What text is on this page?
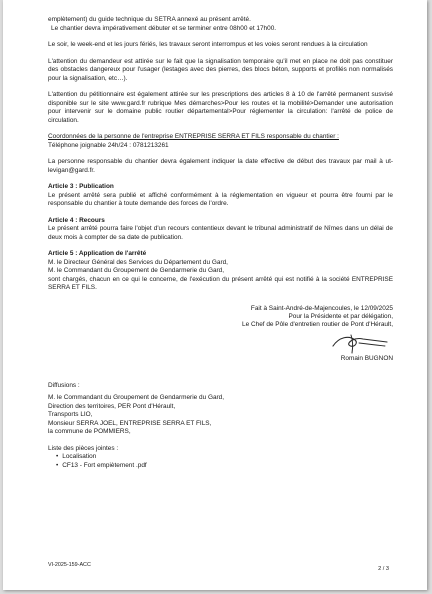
emplètement) du guide technique du SETRA annexé au présent arrêté.

Le chantier devra impérativement débuter et se terminer entre 08h00 et 17h00.

Le soir, le week-end et les jours fériés, les travaux seront interrompus et les voies seront rendues à la circulation

L'attention du demandeur est attirée sur le fait que la signalisation temporaire qu'il met en place ne doit pas constituer des obstacles dangereux pour l'usager (lestages avec des pierres, des blocs béton, supports et profilés non normalisés pour la signalisation, etc…).

L'attention du pétitionnaire est également attirée sur les prescriptions des articles 8 à 10 de l'arrêté permanent susvisé disponible sur le site www.gard.fr rubrique Mes démarches>Pour les routes et la mobilité>Demander une autorisation pour intervenir sur le domaine public routier départemental>Pour réglementer la circulation: l'arrêté de police de circulation.

Coordonnées de la personne de l'entreprise ENTREPRISE SERRA ET FILS responsable du chantier :

Téléphone joignable 24h/24 : 0781213261

La personne responsable du chantier devra également indiquer la date effective de début des travaux par mail à ut-levigan@gard.fr.

Article 3 : Publication

Le présent arrêté sera publié et affiché conformément à la réglementation en vigueur et pourra être fourni par le responsable du chantier à toute demande des forces de l'ordre.

Article 4 : Recours

Le présent arrêté pourra faire l'objet d'un recours contentieux devant le tribunal administratif de Nîmes dans un délai de deux mois à compter de sa date de publication.

Article 5 : Application de l'arrêté

M. le Directeur Général des Services du Département du Gard,

M. le Commandant du Groupement de Gendarmerie du Gard,

sont chargés, chacun en ce qui le concerne, de l'exécution du présent arrêté qui est notifié à la société ENTREPRISE SERRA ET FILS.

Fait à Saint-André-de-Majencoules, le 12/09/2025

Pour la Présidente et par délégation,

Le Chef de Pôle d'entretien routier de Pont d'Hérault,

Romain BUGNON

Diffusions :

M. le Commandant du Groupement de Gendarmerie du Gard,

Direction des territoires, PER Pont d'Hérault,

Transports LIO,

Monsieur SERRA JOEL, ENTREPRISE SERRA ET FILS,

la commune de POMMIERS,

Liste des pièces jointes :

• Localisation
• CF13 - Fort empiètement .pdf
VI-2025-159-ACC
2 / 3
